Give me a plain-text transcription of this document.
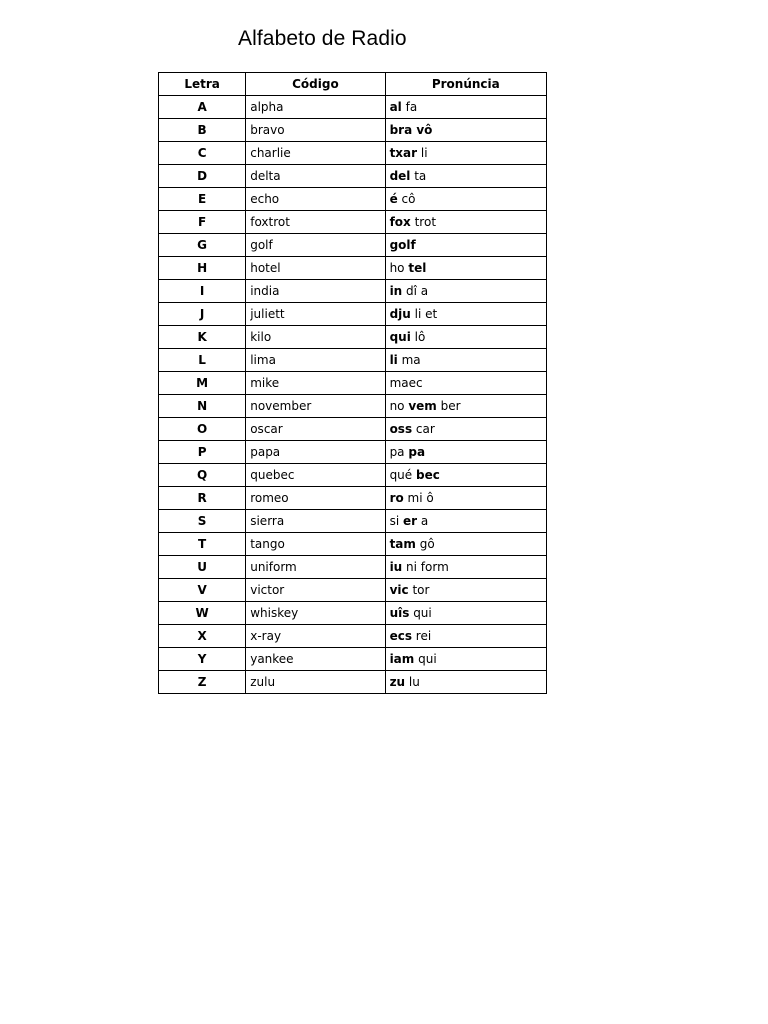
Alfabeto de Radio
Letra	Código	Pronúncia
A	alpha	al fa
B	bravo	bra vô
C	charlie	txar li
D	delta	del ta
E	echo	é cô
F	foxtrot	fox trot
G	golf	golf
H	hotel	ho tel
I	india	in dî a
J	juliett	dju li et
K	kilo	qui lô
L	lima	li ma
M	mike	maec
N	november	no vem ber
O	oscar	oss car
P	papa	pa pa
Q	quebec	qué bec
R	romeo	ro mi ô
S	sierra	si er a
T	tango	tam gô
U	uniform	iu ni form
V	victor	vic tor
W	whiskey	uîs qui
X	x-ray	ecs rei
Y	yankee	iam qui
Z	zulu	zu lu
